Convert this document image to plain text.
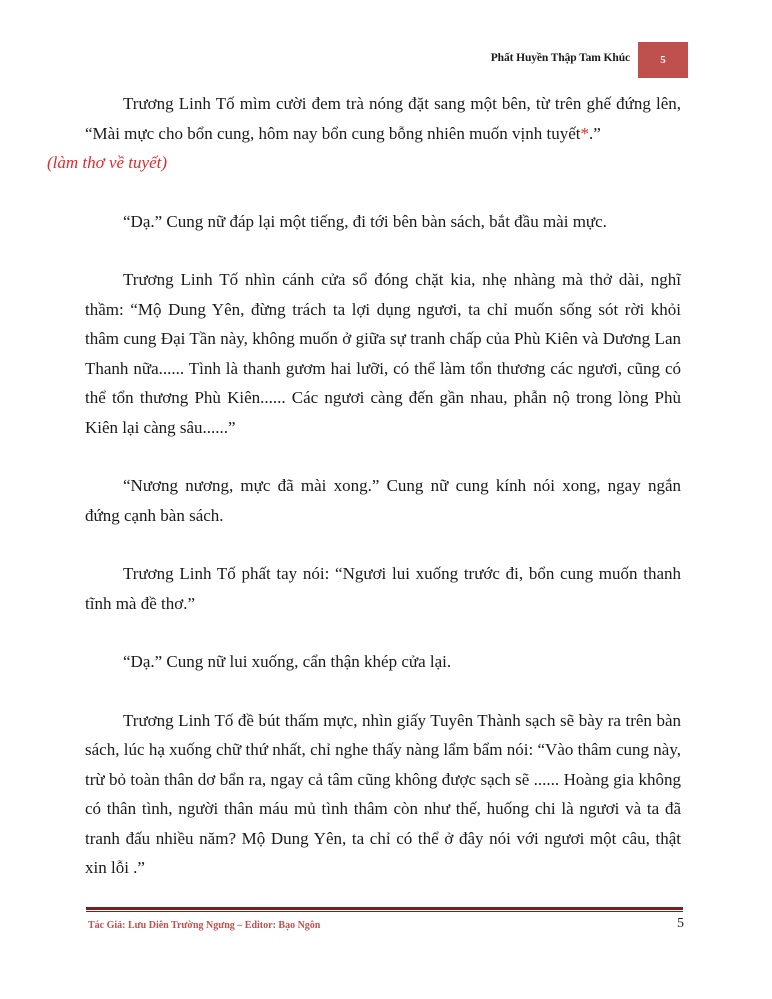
Phất Huyền Thập Tam Khúc	5

Trương Linh Tố mìm cười đem trà nóng đặt sang một bên, từ trên ghế đứng lên, “Mài mực cho bổn cung, hôm nay bổn cung bỗng nhiên muốn vịnh tuyết*.”
(làm thơ về tuyết)

“Dạ.” Cung nữ đáp lại một tiếng, đi tới bên bàn sách, bắt đầu mài mực.

Trương Linh Tố nhìn cánh cửa sổ đóng chặt kia, nhẹ nhàng mà thở dài, nghĩ thầm: “Mộ Dung Yên, đừng trách ta lợi dụng ngươi, ta chỉ muốn sống sót rời khỏi thâm cung Đại Tần này, không muốn ở giữa sự tranh chấp của Phù Kiên và Dương Lan Thanh nữa...... Tình là thanh gươm hai lưỡi, có thể làm tổn thương các ngươi, cũng có thể tổn thương Phù Kiên...... Các ngươi càng đến gần nhau, phẫn nộ trong lòng Phù Kiên lại càng sâu......”

“Nương nương, mực đã mài xong.” Cung nữ cung kính nói xong, ngay ngắn đứng cạnh bàn sách.

Trương Linh Tố phất tay nói: “Ngươi lui xuống trước đi, bổn cung muốn thanh tĩnh mà đề thơ.”

“Dạ.” Cung nữ lui xuống, cẩn thận khép cửa lại.

Trương Linh Tố đề bút thấm mực, nhìn giấy Tuyên Thành sạch sẽ bày ra trên bàn sách, lúc hạ xuống chữ thứ nhất, chỉ nghe thấy nàng lẩm bẩm nói: “Vào thâm cung này, trừ bỏ toàn thân dơ bẩn ra, ngay cả tâm cũng không được sạch sẽ ...... Hoàng gia không có thân tình, người thân máu mủ tình thâm còn như thế, huống chi là ngươi và ta đã tranh đấu nhiều năm? Mộ Dung Yên, ta chỉ có thể ở đây nói với ngươi một câu, thật xin lỗi .”

Tác Giả: Lưu Diên Trường Ngưng – Editor: Bạo Ngôn	5
